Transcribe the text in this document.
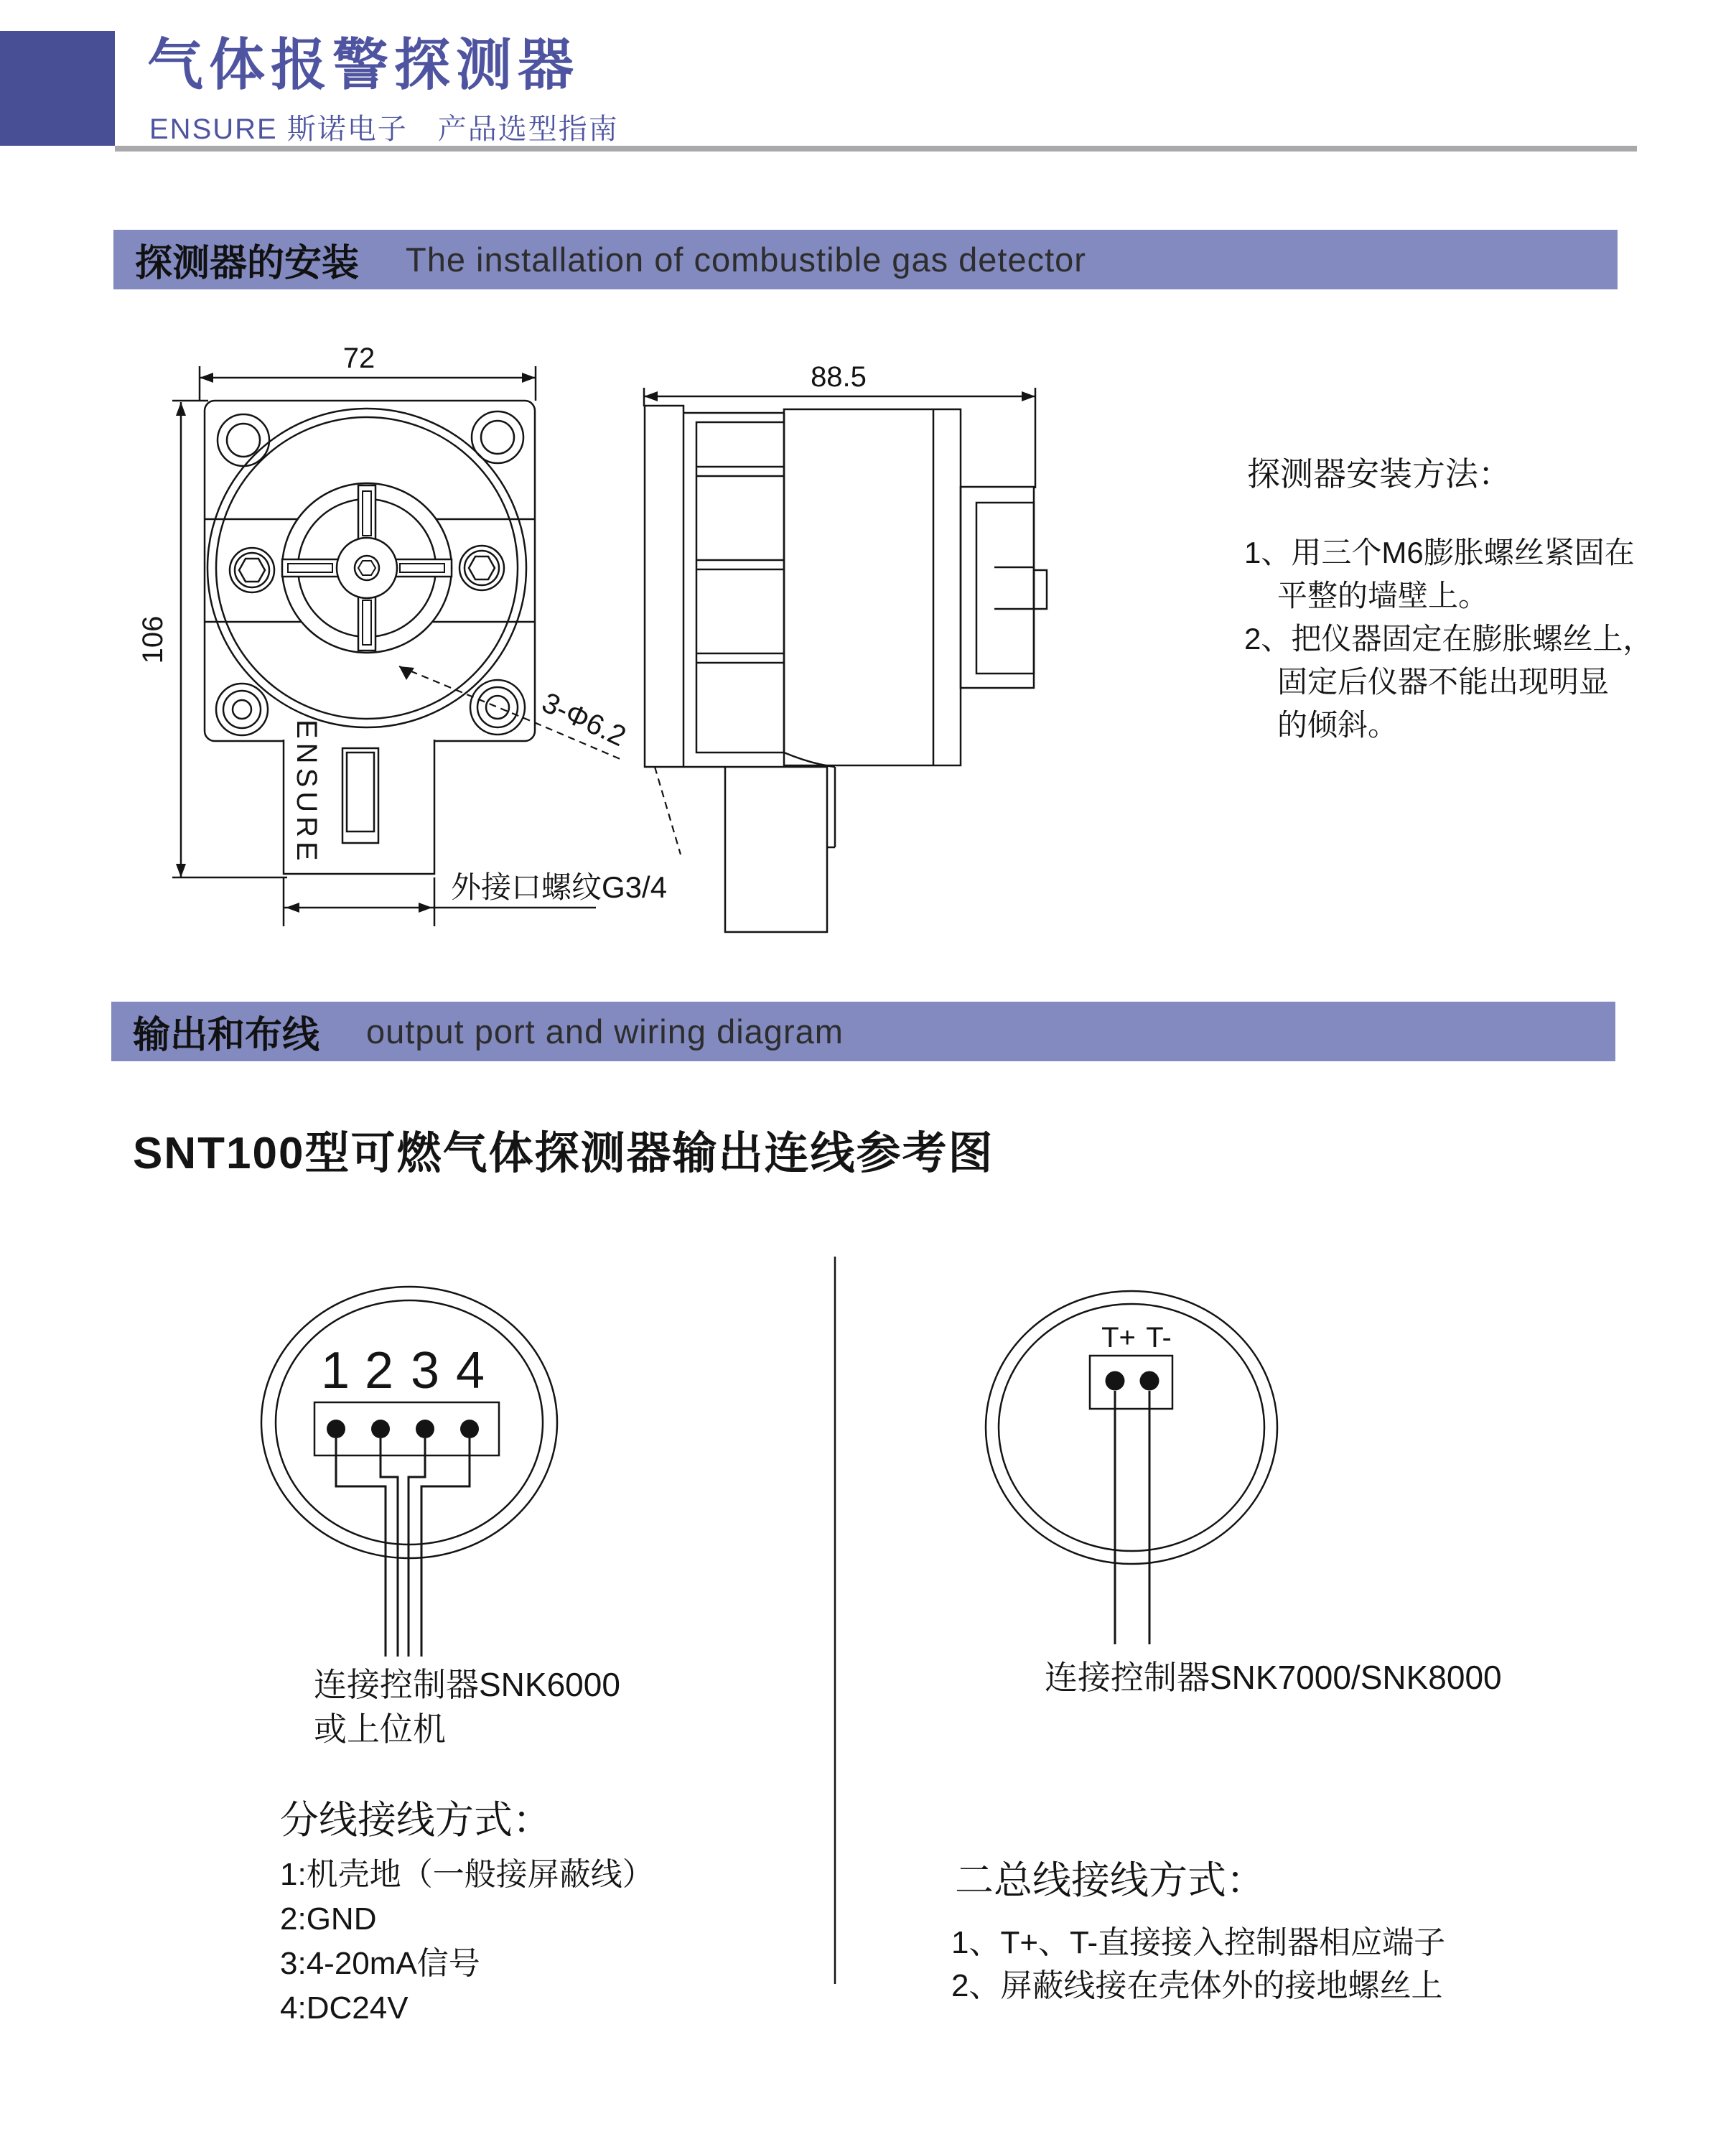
气体报警探测器
ENSURE 斯诺电子　产品选型指南
探测器的安装 The installation of combustible gas detector
探测器安装方法：
1、用三个M6膨胀螺丝紧固在
平整的墙壁上。
2、把仪器固定在膨胀螺丝上，
固定后仪器不能出现明显
的倾斜。
输出和布线 output port and wiring diagram
SNT100型可燃气体探测器输出连线参考图
连接控制器SNK6000
或上位机
分线接线方式：
1:机壳地（一般接屏蔽线）
2:GND
3:4-20mA信号
4:DC24V
连接控制器SNK7000/SNK8000
二总线接线方式：
1、T+、T-直接接入控制器相应端子
2、屏蔽线接在壳体外的接地螺丝上
72
106
ENSURE
外接口螺纹G3/4
3-Φ6.2
88.5
1 2 3 4
T+ T-
